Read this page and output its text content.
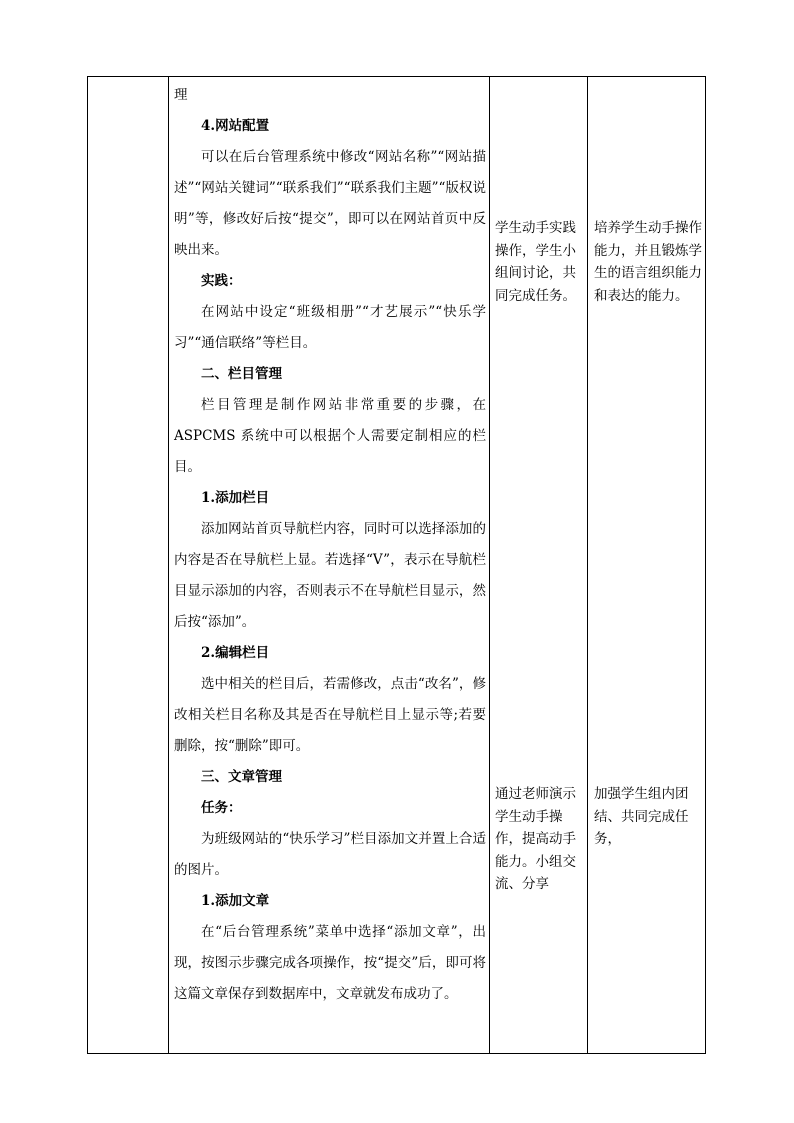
理

4.网站配置

可以在后台管理系统中修改“网站名称”“网站描述”“网站关键词”“联系我们”“联系我们主题”“版权说明”等，修改好后按“提交”，即可以在网站首页中反映出来。

实践：

在网站中设定“班级相册”“才艺展示”“快乐学习”“通信联络”等栏目。

二、栏目管理

栏目管理是制作网站非常重要的步骤，在ASPCMS 系统中可以根据个人需要定制相应的栏目。

1.添加栏目

添加网站首页导航栏内容，同时可以选择添加的内容是否在导航栏上显。若选择“V”，表示在导航栏目显示添加的内容，否则表示不在导航栏目显示，然后按“添加”。

2.编辑栏目

选中相关的栏目后，若需修改，点击“改名”，修改相关栏目名称及其是否在导航栏目上显示等;若要删除，按“删除”即可。

三、文章管理

任务：

为班级网站的“快乐学习”栏目添加文并置上合适的图片。

1.添加文章

在“后台管理系统”菜单中选择“添加文章”，出现，按图示步骤完成各项操作，按“提交”后，即可将这篇文章保存到数据库中，文章就发布成功了。

学生动手实践操作，学生小组间讨论，共同完成任务。
培养学生动手操作能力，并且锻炼学生的语言组织能力和表达的能力。
通过老师演示学生动手操作，提高动手能力。小组交流、分享
加强学生组内团结、共同完成任务，
